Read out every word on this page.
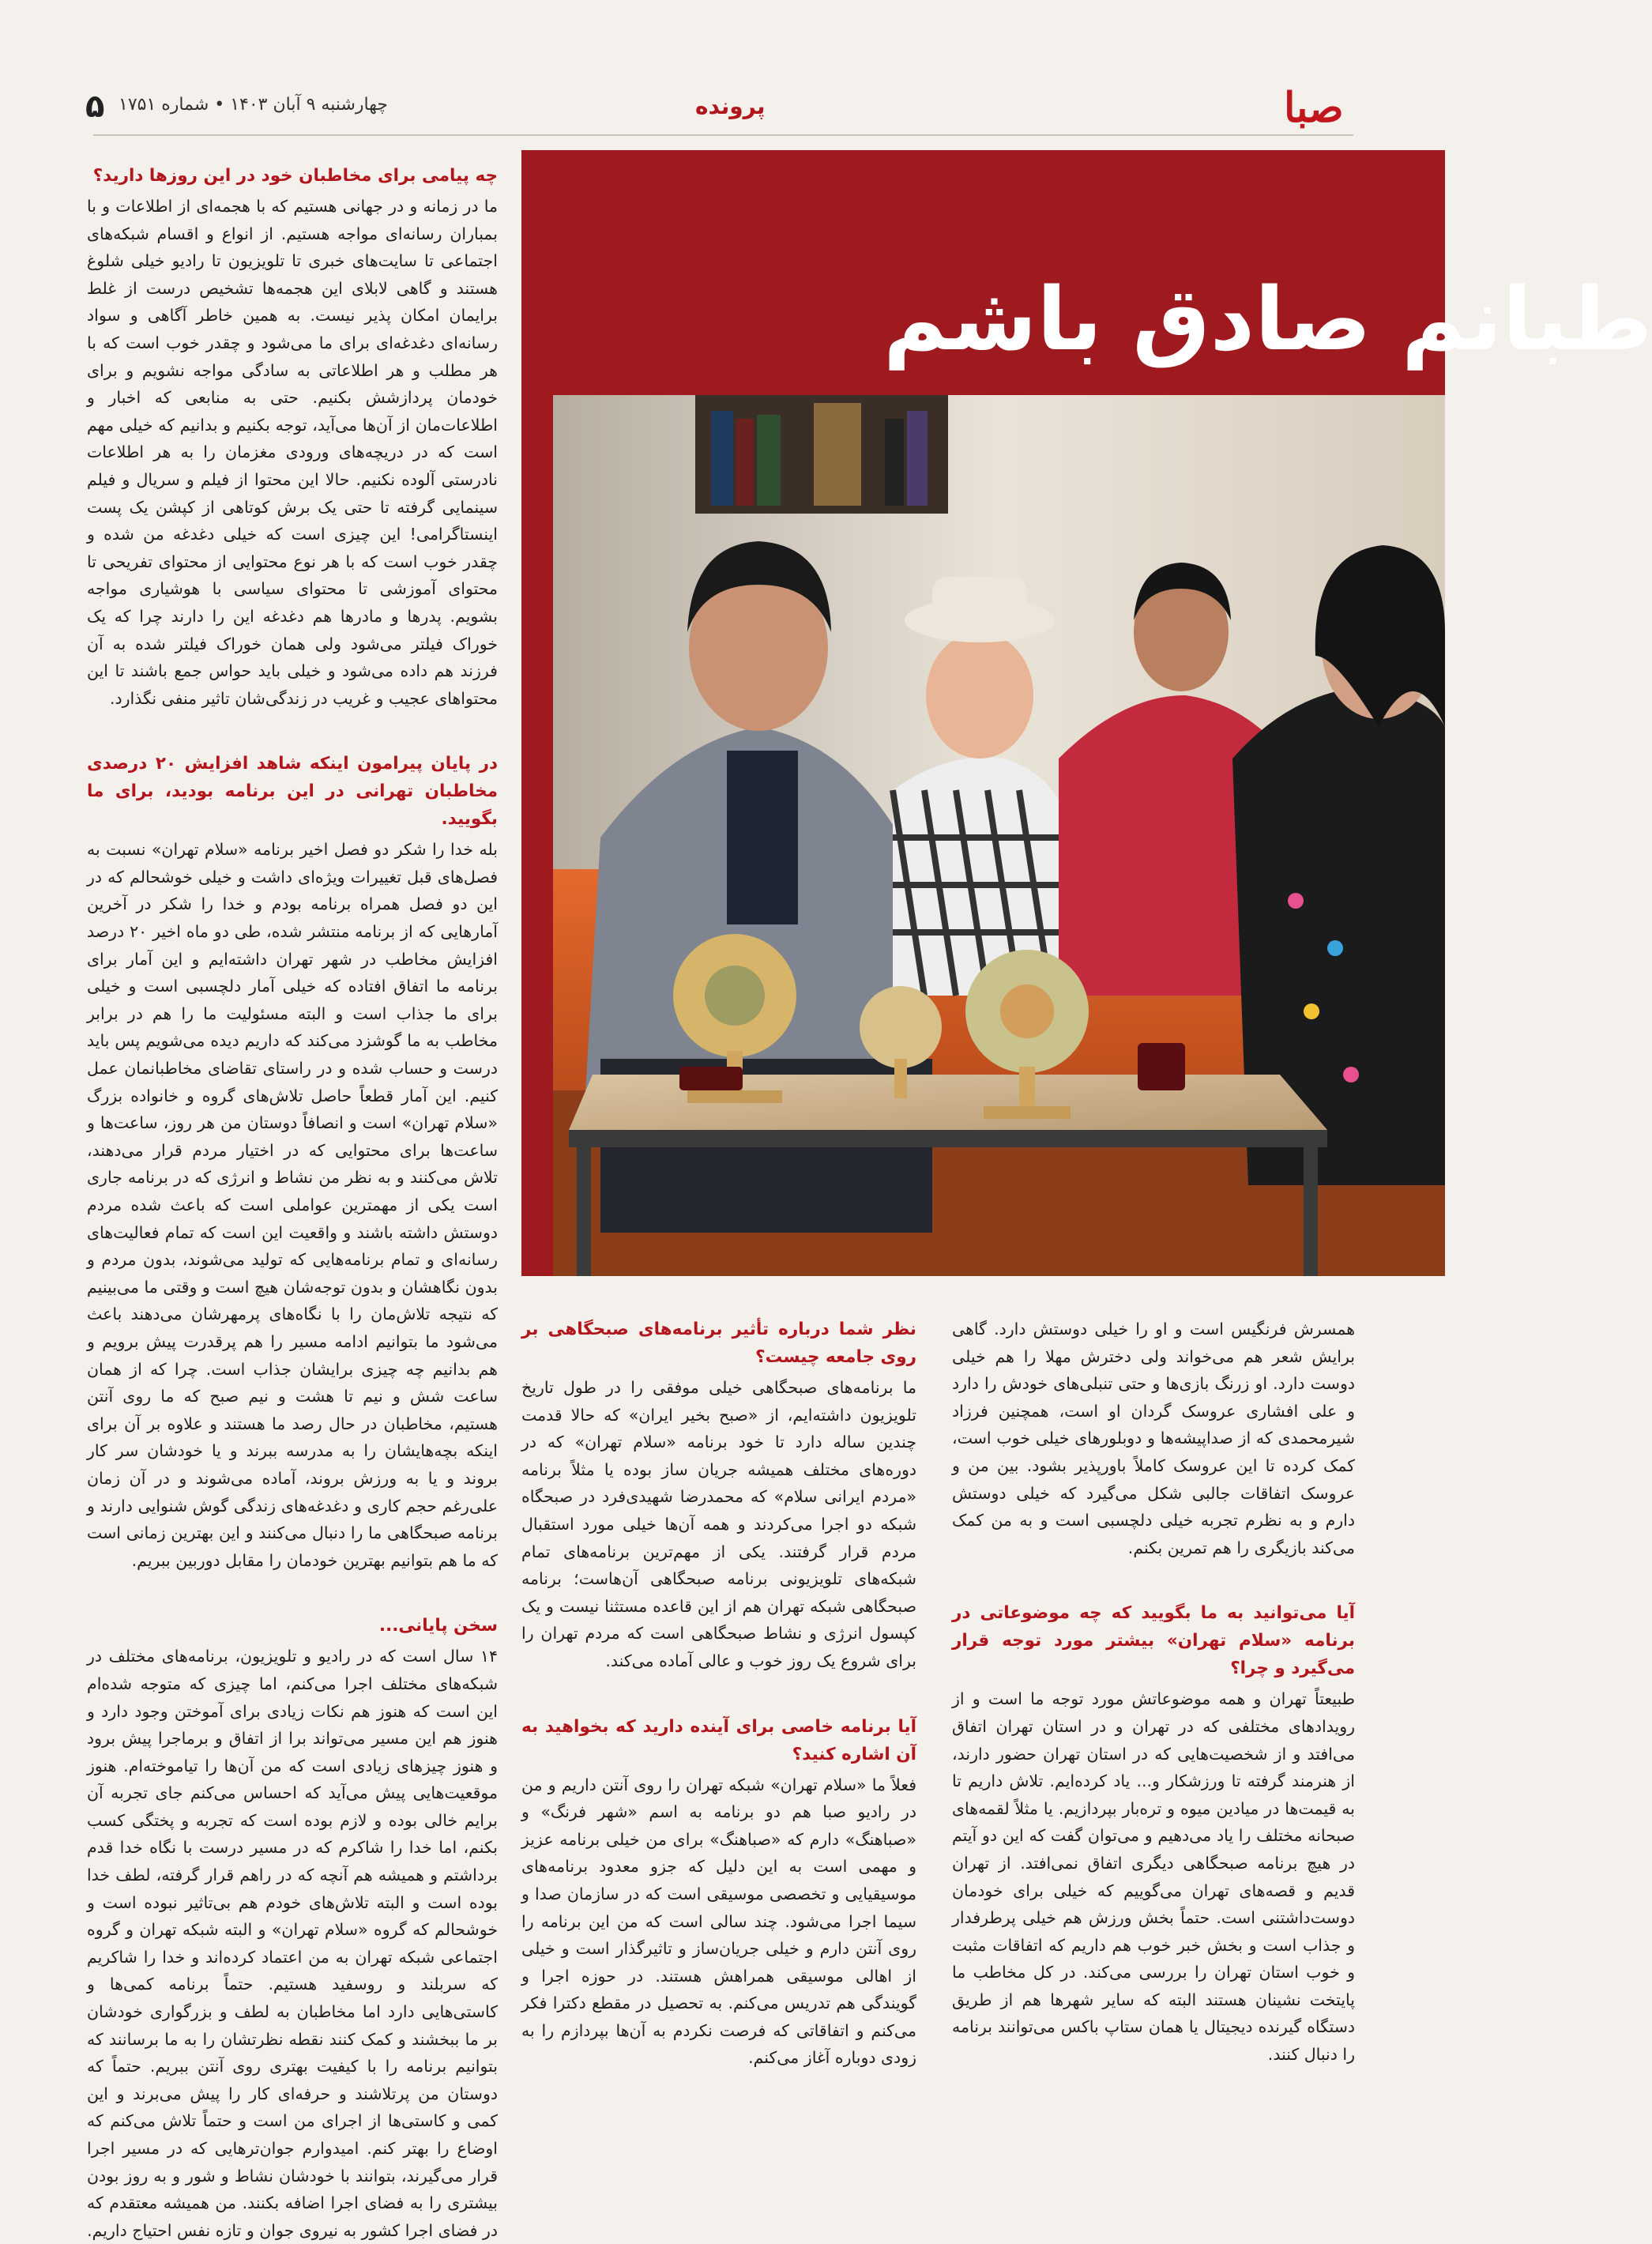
۵ چهارشنبه ۹ آبان ۱۴۰۳ • شماره ۱۷۵۱	پرونده	صبا
چه پیامی برای مخاطبان خود در این روزها دارید؟
ما در زمانه و در جهانی هستیم که با هجمه‌ای از اطلاعات و با بمباران رسانه‌ای مواجه هستیم. از انواع و اقسام شبکه‌های اجتماعی تا سایت‌های خبری تا تلویزیون تا رادیو خیلی شلوغ هستند و گاهی لابلای این هجمه‌ها تشخیص درست از غلط برایمان امکان پذیر نیست. به همین خاطر آگاهی و سواد رسانه‌ای دغدغه‌ای برای ما می‌شود و چقدر خوب است که با هر مطلب و هر اطلاعاتی به سادگی مواجه نشویم و برای خودمان پردازشش بکنیم. حتی به منابعی که اخبار و اطلاعات‌مان از آن‌ها می‌آید، توجه بکنیم و بدانیم که خیلی مهم است که در دریچه‌های ورودی مغزمان را به هر اطلاعات نادرستی آلوده نکنیم. حالا این محتوا از فیلم و سریال و فیلم سینمایی گرفته تا حتی یک برش کوتاهی از کپشن یک پست اینستاگرامی! این چیزی است که خیلی دغدغه من شده و چقدر خوب است که با هر نوع محتوایی از محتوای تفریحی تا محتوای آموزشی تا محتوای سیاسی با هوشیاری مواجه بشویم. پدرها و مادرها هم دغدغه این را دارند چرا که یک خوراک فیلتر می‌شود ولی همان خوراک فیلتر شده به آن فرزند هم داده می‌شود و خیلی باید حواس جمع باشند تا این محتواهای عجیب و غریب در زندگی‌شان تاثیر منفی نگذارد.
در پایان پیرامون اینکه شاهد افزایش ۲۰ درصدی مخاطبان تهرانی در این برنامه بودید، برای ما بگویید.
بله خدا را شکر دو فصل اخیر برنامه «سلام تهران» نسبت به فصل‌های قبل تغییرات ویژه‌ای داشت و خیلی خوشحالم که در این دو فصل همراه برنامه بودم و خدا را شکر در آخرین آمارهایی که از برنامه منتشر شده، طی دو ماه اخیر ۲۰ درصد افزایش مخاطب در شهر تهران داشته‌ایم و این آمار برای برنامه ما اتفاق افتاده که خیلی آمار دلچسبی است و خیلی برای ما جذاب است و البته مسئولیت ما را هم در برابر مخاطب به ما گوشزد می‌کند که داریم دیده می‌شویم پس باید درست و حساب شده و در راستای تقاضای مخاطبانمان عمل کنیم. این آمار قطعاً حاصل تلاش‌های گروه و خانواده بزرگ «سلام تهران» است و انصافاً دوستان من هر روز، ساعت‌ها و ساعت‌ها برای محتوایی که در اختیار مردم قرار می‌دهند، تلاش می‌کنند و به نظر من نشاط و انرژی که در برنامه جاری است یکی از مهمترین عواملی است که باعث شده مردم دوستش داشته باشند و واقعیت این است که تمام فعالیت‌های رسانه‌ای و تمام برنامه‌هایی که تولید می‌شوند، بدون مردم و بدون نگاهشان و بدون توجه‌شان هیچ است و وقتی ما می‌بینیم که نتیجه تلاش‌مان را با نگاه‌های پرمهرشان می‌دهند باعث می‌شود ما بتوانیم ادامه مسیر را هم پرقدرت پیش برویم و هم بدانیم چه چیزی برایشان جذاب است. چرا که از همان ساعت شش و نیم تا هشت و نیم صبح که ما روی آنتن هستیم، مخاطبان در حال رصد ما هستند و علاوه بر آن برای اینکه بچه‌هایشان را به مدرسه ببرند و یا خودشان سر کار بروند و یا به ورزش بروند، آماده می‌شوند و در آن زمان علی‌رغم حجم کاری و دغدغه‌های زندگی گوش شنوایی دارند و برنامه صبحگاهی ما را دنبال می‌کنند و این بهترین زمانی است که ما هم بتوانیم بهترین خودمان را مقابل دوربین ببریم.
سخن پایانی...
۱۴ سال است که در رادیو و تلویزیون، برنامه‌های مختلف در شبکه‌های مختلف اجرا می‌کنم، اما چیزی که متوجه شده‌ام این است که هنوز هم نکات زیادی برای آموختن وجود دارد و هنوز هم این مسیر می‌تواند برا از اتفاق و برماجرا پیش برود و هنوز چیزهای زیادی است که من آن‌ها را تیاموخته‌ام. هنوز موقعیت‌هایی پیش می‌آید که احساس می‌کنم جای تجربه آن برایم خالی بوده و لازم بوده است که تجربه و پختگی کسب بکنم، اما خدا را شاکرم که در مسیر درست با نگاه خدا قدم برداشتم و همیشه هم آنچه که در راهم قرار گرفته، لطف خدا بوده است و البته تلاش‌های خودم هم بی‌تاثیر نبوده است و خوشحالم که گروه «سلام تهران» و البته شبکه تهران و گروه اجتماعی شبکه تهران به من اعتماد کرده‌اند و خدا را شاکریم که سربلند و روسفید هستیم. حتماً برنامه کمی‌ها و کاستی‌هایی دارد اما مخاطبان به لطف و بزرگواری خودشان بر ما ببخشند و کمک کنند نقطه نظرتشان را به ما برسانند که بتوانیم برنامه را با کیفیت بهتری روی آنتن ببریم. حتماً که دوستان من پرتلاشند و حرفه‌ای کار را پیش می‌برند و این کمی و کاستی‌ها از اجرای من است و حتماً تلاش می‌کنم که اوضاع را بهتر کنم. امیدوارم جوان‌ترهایی که در مسیر اجرا قرار می‌گیرند، بتوانند با خودشان نشاط و شور و به روز بودن بیشتری را به فضای اجرا اضافه بکنند. من همیشه معتقدم که در فضای اجرا کشور به نیروی جوان و تازه نفس احتیاج داریم.
طبانم صادق باشم
نظر شما درباره تأثیر برنامه‌های صبحگاهی بر روی جامعه چیست؟
ما برنامه‌های صبحگاهی خیلی موفقی را در طول تاریخ تلویزیون داشته‌ایم، از «صبح بخیر ایران» که حالا قدمت چندین ساله دارد تا خود برنامه «سلام تهران» که در دوره‌های مختلف همیشه جریان ساز بوده یا مثلاً برنامه «مردم ایرانی سلام» که محمدرضا شهیدی‌فرد در صبحگاه شبکه دو اجرا می‌کردند و همه آن‌ها خیلی مورد استقبال مردم قرار گرفتند. یکی از مهم‌ترین برنامه‌های تمام شبکه‌های تلویزیونی برنامه صبحگاهی آن‌هاست؛ برنامه صبحگاهی شبکه تهران هم از این قاعده مستثنا نیست و یک کپسول انرژی و نشاط صبحگاهی است که مردم تهران را برای شروع یک روز خوب و عالی آماده می‌کند.
آیا برنامه خاصی برای آینده دارید که بخواهید به آن اشاره کنید؟
فعلاً ما «سلام تهران» شبکه تهران را روی آنتن داریم و من در رادیو صبا هم دو برنامه به اسم «شهر فرنگ» و «صباهنگ» دارم که «صباهنگ» برای من خیلی برنامه عزیز و مهمی است به این دلیل که جزو معدود برنامه‌های موسیقیایی و تخصصی موسیقی است که در سازمان صدا و سیما اجرا می‌شود. چند سالی است که من این برنامه را روی آنتن دارم و خیلی جریان‌ساز و تاثیرگذار است و خیلی از اهالی موسیقی همراهش هستند. در حوزه اجرا و گویندگی هم تدریس می‌کنم. به تحصیل در مقطع دکترا فکر می‌کنم و اتفاقاتی که فرصت نکردم به آن‌ها بپردازم را به زودی دوباره آغاز می‌کنم.
همسرش فرنگیس است و او را خیلی دوستش دارد. گاهی برایش شعر هم می‌خواند ولی دخترش مهلا را هم خیلی دوست دارد. او زرنگ بازی‌ها و حتی تنبلی‌های خودش را دارد و علی افشاری عروسک گردان او است، همچنین فرزاد شیرمحمدی که از صداپیشه‌ها و دوبلورهای خیلی خوب است، کمک کرده تا این عروسک کاملاً باورپذیر بشود. بین من و عروسک اتفاقات جالبی شکل می‌گیرد که خیلی دوستش دارم و به نظرم تجربه خیلی دلچسبی است و به من کمک می‌کند بازیگری را هم تمرین بکنم.
آیا می‌توانید به ما بگویید که چه موضوعاتی در برنامه «سلام تهران» بیشتر مورد توجه قرار می‌گیرد و چرا؟
طبیعتاً تهران و همه موضوعاتش مورد توجه ما است و از رویدادهای مختلفی که در تهران و در استان تهران اتفاق می‌افتد و از شخصیت‌هایی که در استان تهران حضور دارند، از هنرمند گرفته تا ورزشکار و... یاد کرده‌ایم. تلاش داریم تا به قیمت‌ها در میادین میوه و تره‌بار بپردازیم. یا مثلاً لقمه‌های صبحانه مختلف را یاد می‌دهیم و می‌توان گفت که این دو آیتم در هیچ برنامه صبحگاهی دیگری اتفاق نمی‌افتد. از تهران قدیم و قصه‌های تهران می‌گوییم که خیلی برای خودمان دوست‌داشتنی است. حتماً بخش ورزش هم خیلی پرطرفدار و جذاب است و بخش خبر خوب هم داریم که اتفاقات مثبت و خوب استان تهران را بررسی می‌کند. در کل مخاطب ما پایتخت نشینان هستند البته که سایر شهرها هم از طریق دستگاه گیرنده دیجیتال یا همان ستاپ باکس می‌توانند برنامه را دنبال کنند.
